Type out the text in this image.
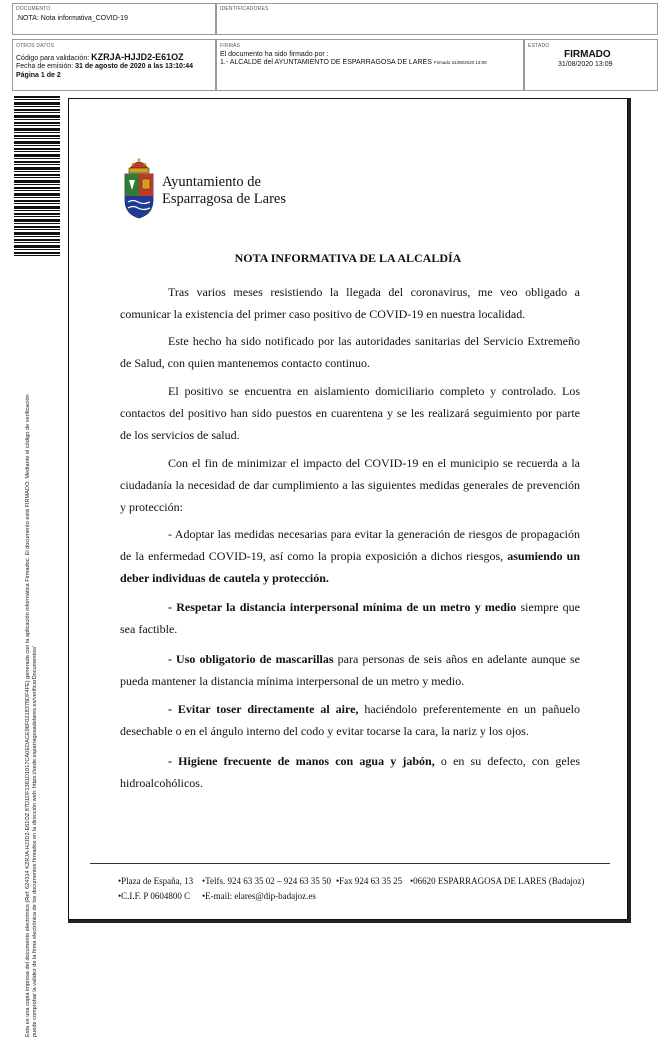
DOCUMENTO
.NOTA: Nota informativa_COVID-19
IDENTIFICADORES
OTROS DATOS
Código para validación: KZRJA-HJJD2-E61OZ
Fecha de emisión: 31 de agosto de 2020 a las 13:10:44
Página 1 de 2
FIRMAS
El documento ha sido firmado por :
1.- ALCALDE del AYUNTAMIENTO DE ESPARRAGOSA DE LARES Firmado 31/08/2020 13:09
ESTADO
FIRMADO
31/08/2020 13:09
Esta es una copia impresa del documento electrónico (Ref: 624314 KZRJA-HJJD2-E61OZ 87D1DF1361D1017CA0EDACE96F0218378DF4FE) generada con la aplicación informática Firmadoc. El documento está FIRMADO. Mediante el código de verificación puede comprobar la validez de la firma electrónica de los documentos firmados en la dirección web: https://sede.esparragosadelares.es/verificarDocumentos/
Ayuntamiento de
Esparragosa de Lares
NOTA INFORMATIVA DE LA ALCALDÍA

Tras varios meses resistiendo la llegada del coronavirus, me veo obligado a comunicar la existencia del primer caso positivo de COVID-19 en nuestra localidad.

Este hecho ha sido notificado por las autoridades sanitarias del Servicio Extremeño de Salud, con quien mantenemos contacto continuo.

El positivo se encuentra en aislamiento domiciliario completo y controlado. Los contactos del positivo han sido puestos en cuarentena y se les realizará seguimiento por parte de los servicios de salud.

Con el fin de minimizar el impacto del COVID-19 en el municipio se recuerda a la ciudadanía la necesidad de dar cumplimiento a las siguientes medidas generales de prevención y protección:

- Adoptar las medidas necesarias para evitar la generación de riesgos de propagación de la enfermedad COVID-19, así como la propia exposición a dichos riesgos, asumiendo un deber individuas de cautela y protección.

- Respetar la distancia interpersonal mínima de un metro y medio siempre que sea factible.

- Uso obligatorio de mascarillas para personas de seis años en adelante aunque se pueda mantener la distancia mínima interpersonal de un metro y medio.

- Evitar toser directamente al aire, haciéndolo preferentemente en un pañuelo desechable o en el ángulo interno del codo y evitar tocarse la cara, la nariz y los ojos.

- Higiene frecuente de manos con agua y jabón, o en su defecto, con geles hidroalcohólicos.

•Plaza de España, 13 •Telfs. 924 63 35 02 – 924 63 35 50 •Fax 924 63 35 25 •06620 ESPARRAGOSA DE LARES (Badajoz)
•C.I.F. P 0604800 C •E-mail: elares@dip-badajoz.es
